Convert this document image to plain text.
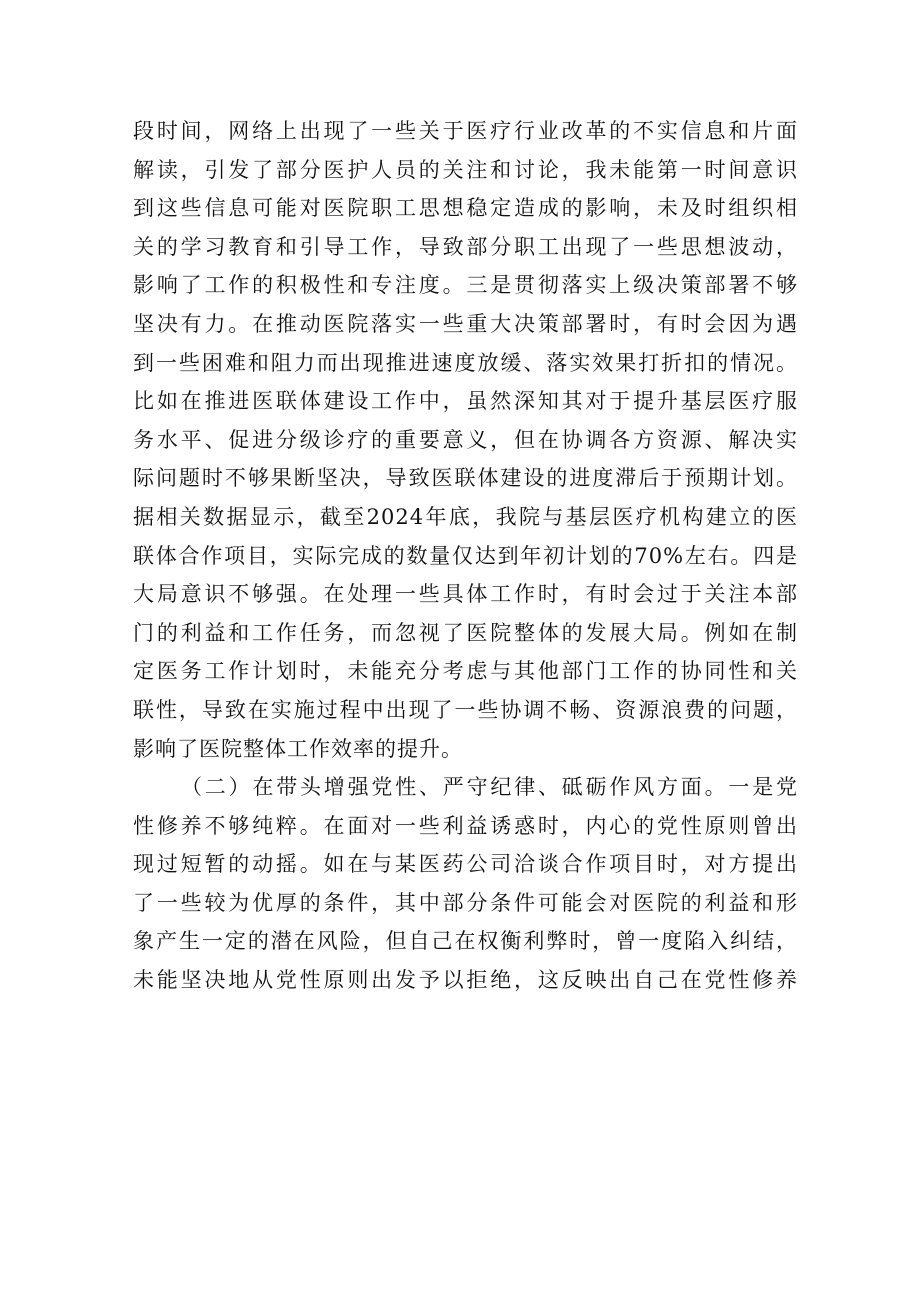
段时间，网络上出现了一些关于医疗行业改革的不实信息和片面
解读，引发了部分医护人员的关注和讨论，我未能第一时间意识
到这些信息可能对医院职工思想稳定造成的影响，未及时组织相
关的学习教育和引导工作，导致部分职工出现了一些思想波动，
影响了工作的积极性和专注度。三是贯彻落实上级决策部署不够
坚决有力。在推动医院落实一些重大决策部署时，有时会因为遇
到一些困难和阻力而出现推进速度放缓、落实效果打折扣的情况。
比如在推进医联体建设工作中，虽然深知其对于提升基层医疗服
务水平、促进分级诊疗的重要意义，但在协调各方资源、解决实
际问题时不够果断坚决，导致医联体建设的进度滞后于预期计划。
据相关数据显示，截至2024年底，我院与基层医疗机构建立的医
联体合作项目，实际完成的数量仅达到年初计划的70%左右。四是
大局意识不够强。在处理一些具体工作时，有时会过于关注本部
门的利益和工作任务，而忽视了医院整体的发展大局。例如在制
定医务工作计划时，未能充分考虑与其他部门工作的协同性和关
联性，导致在实施过程中出现了一些协调不畅、资源浪费的问题，
影响了医院整体工作效率的提升。
（二）在带头增强党性、严守纪律、砥砺作风方面。一是党
性修养不够纯粹。在面对一些利益诱惑时，内心的党性原则曾出
现过短暂的动摇。如在与某医药公司洽谈合作项目时，对方提出
了一些较为优厚的条件，其中部分条件可能会对医院的利益和形
象产生一定的潜在风险，但自己在权衡利弊时，曾一度陷入纠结，
未能坚决地从党性原则出发予以拒绝，这反映出自己在党性修养
